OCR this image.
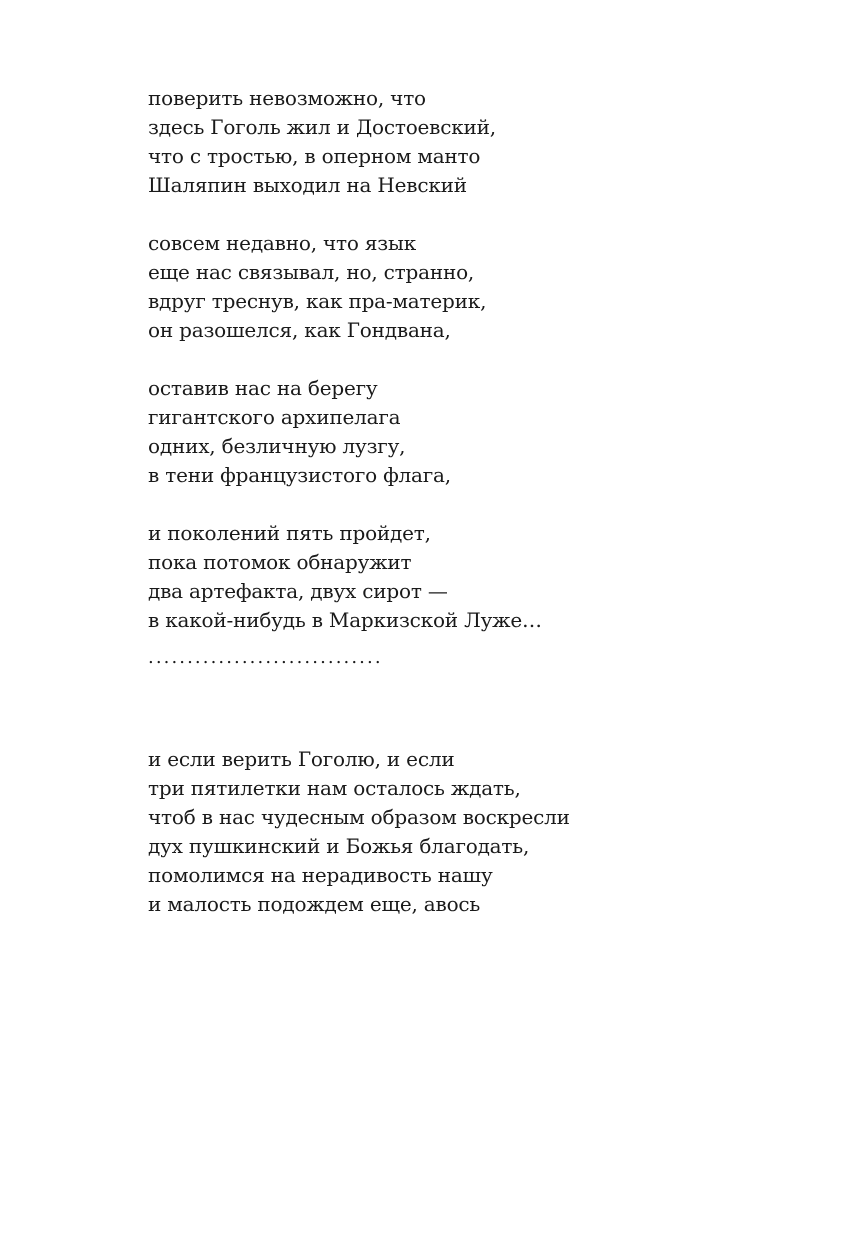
поверить невозможно, что
здесь Гоголь жил и Достоевский,
что с тростью, в оперном манто
Шаляпин выходил на Невский
совсем недавно, что язык
еще нас связывал, но, странно,
вдруг треснув, как пра-материк,
он разошелся, как Гондвана,
оставив нас на берегу
гигантского архипелага
одних, безличную лузгу,
в тени французистого флага,
и поколений пять пройдет,
пока потомок обнаружит
два артефакта, двух сирот —
в какой-нибудь в Маркизской Луже…
..............................
и если верить Гоголю, и если
три пятилетки нам осталось ждать,
чтоб в нас чудесным образом воскресли
дух пушкинский и Божья благодать,
помолимся на нерадивость нашу
и малость подождем еще, авось
